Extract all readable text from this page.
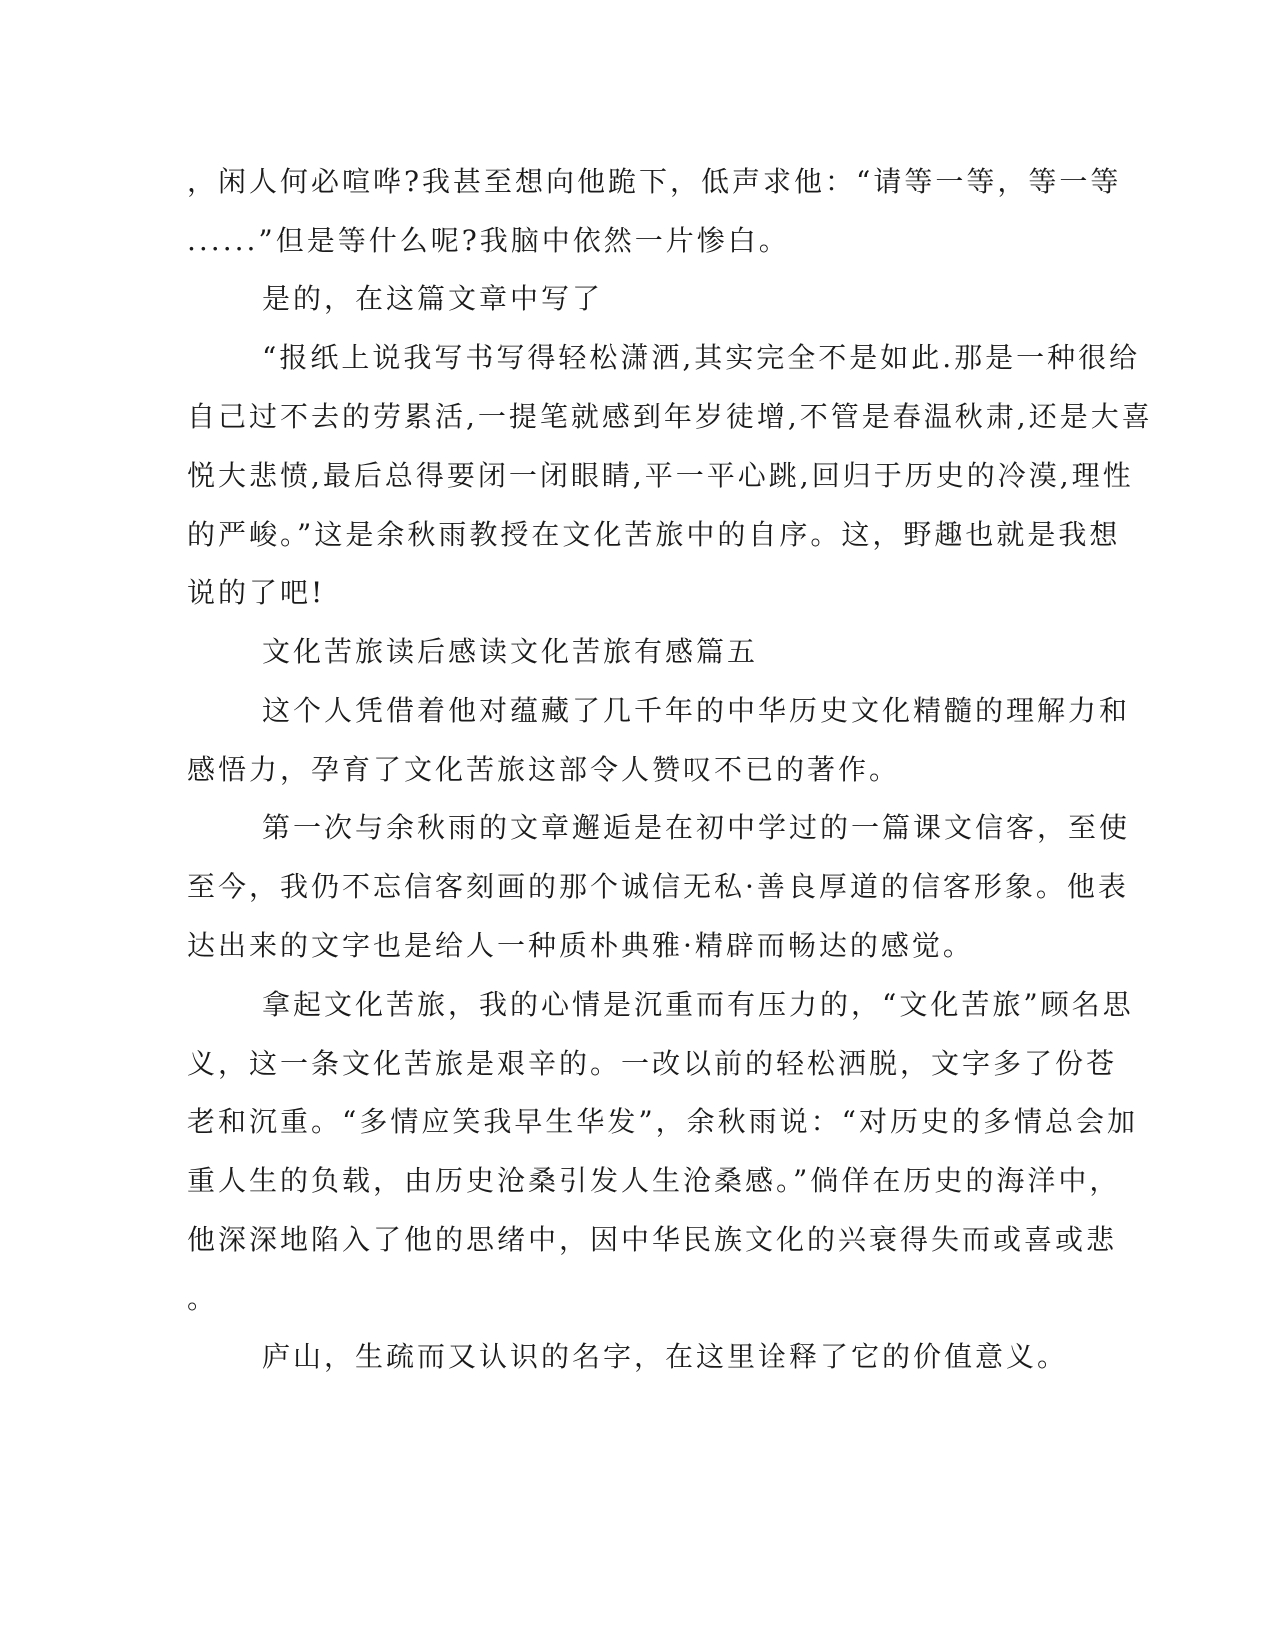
，闲人何必喧哗?我甚至想向他跪下，低声求他：“请等一等，等一等

......”但是等什么呢?我脑中依然一片惨白。

是的，在这篇文章中写了

“报纸上说我写书写得轻松潇洒,其实完全不是如此.那是一种很给

自己过不去的劳累活,一提笔就感到年岁徒增,不管是春温秋肃,还是大喜

悦大悲愤,最后总得要闭一闭眼睛,平一平心跳,回归于历史的冷漠,理性

的严峻。”这是余秋雨教授在文化苦旅中的自序。这，野趣也就是我想

说的了吧!

文化苦旅读后感读文化苦旅有感篇五

这个人凭借着他对蕴藏了几千年的中华历史文化精髓的理解力和

感悟力，孕育了文化苦旅这部令人赞叹不已的著作。

第一次与余秋雨的文章邂逅是在初中学过的一篇课文信客，至使

至今，我仍不忘信客刻画的那个诚信无私·善良厚道的信客形象。他表

达出来的文字也是给人一种质朴典雅·精辟而畅达的感觉。

拿起文化苦旅，我的心情是沉重而有压力的，“文化苦旅”顾名思

义，这一条文化苦旅是艰辛的。一改以前的轻松洒脱，文字多了份苍

老和沉重。“多情应笑我早生华发”，余秋雨说：“对历史的多情总会加

重人生的负载，由历史沧桑引发人生沧桑感。”倘佯在历史的海洋中，

他深深地陷入了他的思绪中，因中华民族文化的兴衰得失而或喜或悲

。

庐山，生疏而又认识的名字，在这里诠释了它的价值意义。
